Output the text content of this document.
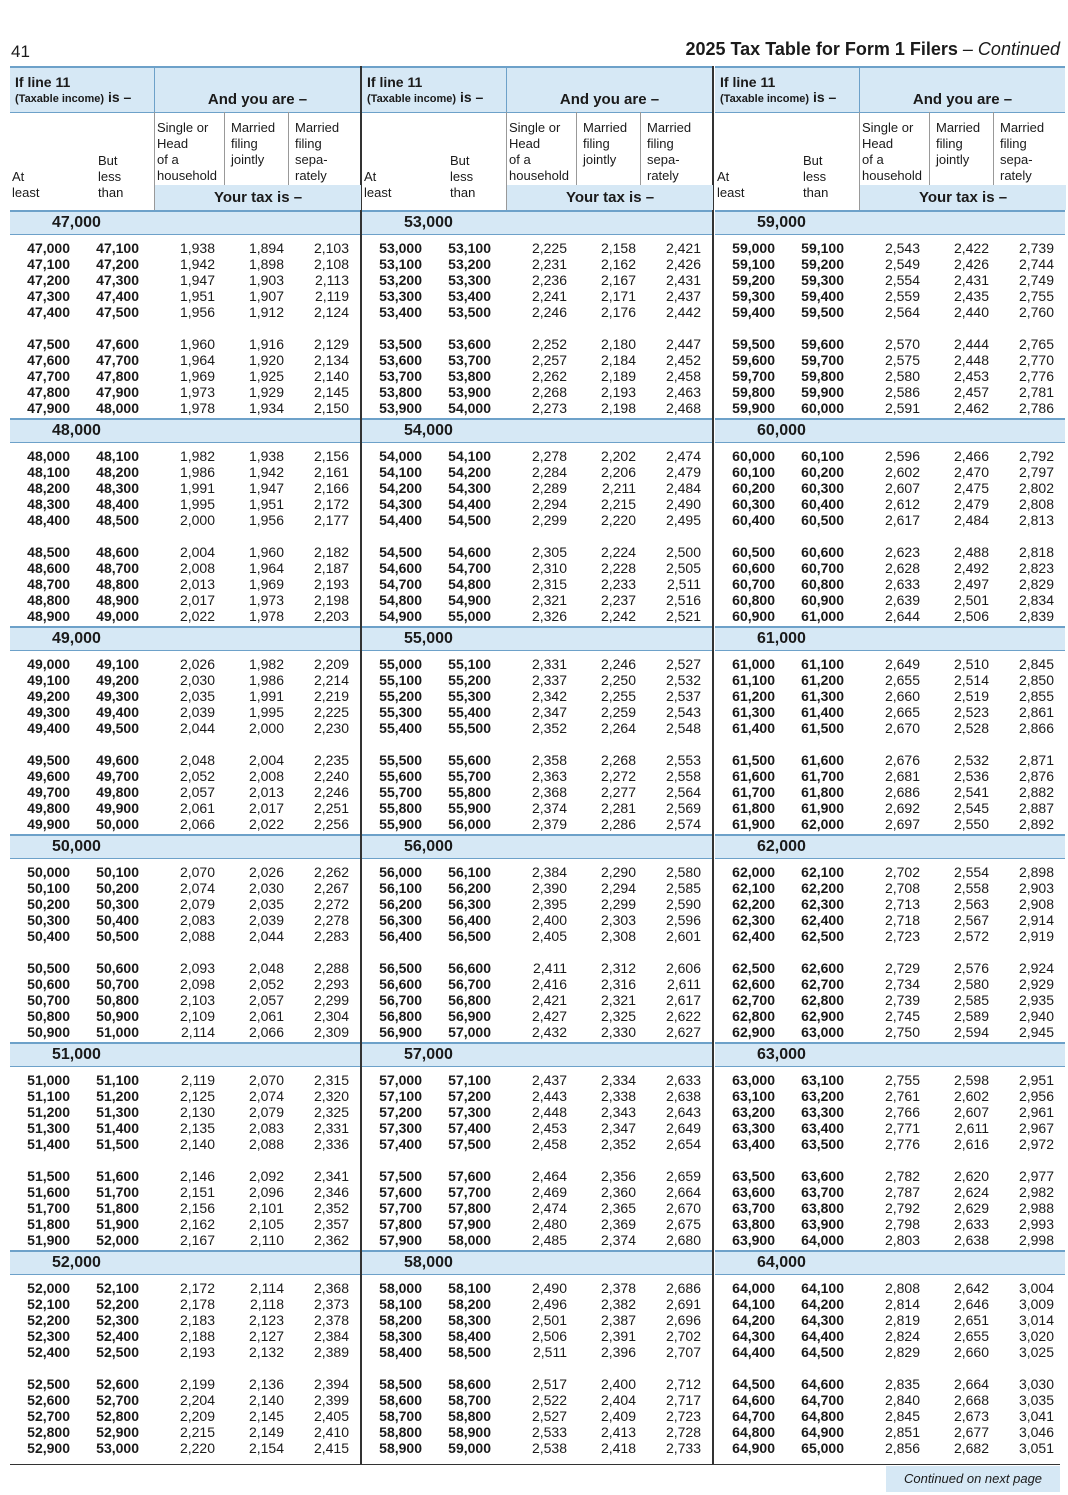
41	2025 Tax Table for Form 1 Filers – Continued
If line 11
(Taxable income) is –	And you are –
At
least
But
less
than
Single or
Head
of a
household
Married
filing
jointly
Married
filing
sepa-
rately
Your tax is –
47,000
47,000	47,100	1,938	1,894	2,103
47,100	47,200	1,942	1,898	2,108
47,200	47,300	1,947	1,903	2,113
47,300	47,400	1,951	1,907	2,119
47,400	47,500	1,956	1,912	2,124
47,500	47,600	1,960	1,916	2,129
47,600	47,700	1,964	1,920	2,134
47,700	47,800	1,969	1,925	2,140
47,800	47,900	1,973	1,929	2,145
47,900	48,000	1,978	1,934	2,150
48,000
48,000	48,100	1,982	1,938	2,156
48,100	48,200	1,986	1,942	2,161
48,200	48,300	1,991	1,947	2,166
48,300	48,400	1,995	1,951	2,172
48,400	48,500	2,000	1,956	2,177
48,500	48,600	2,004	1,960	2,182
48,600	48,700	2,008	1,964	2,187
48,700	48,800	2,013	1,969	2,193
48,800	48,900	2,017	1,973	2,198
48,900	49,000	2,022	1,978	2,203
49,000
49,000	49,100	2,026	1,982	2,209
49,100	49,200	2,030	1,986	2,214
49,200	49,300	2,035	1,991	2,219
49,300	49,400	2,039	1,995	2,225
49,400	49,500	2,044	2,000	2,230
49,500	49,600	2,048	2,004	2,235
49,600	49,700	2,052	2,008	2,240
49,700	49,800	2,057	2,013	2,246
49,800	49,900	2,061	2,017	2,251
49,900	50,000	2,066	2,022	2,256
50,000
50,000	50,100	2,070	2,026	2,262
50,100	50,200	2,074	2,030	2,267
50,200	50,300	2,079	2,035	2,272
50,300	50,400	2,083	2,039	2,278
50,400	50,500	2,088	2,044	2,283
50,500	50,600	2,093	2,048	2,288
50,600	50,700	2,098	2,052	2,293
50,700	50,800	2,103	2,057	2,299
50,800	50,900	2,109	2,061	2,304
50,900	51,000	2,114	2,066	2,309
51,000
51,000	51,100	2,119	2,070	2,315
51,100	51,200	2,125	2,074	2,320
51,200	51,300	2,130	2,079	2,325
51,300	51,400	2,135	2,083	2,331
51,400	51,500	2,140	2,088	2,336
51,500	51,600	2,146	2,092	2,341
51,600	51,700	2,151	2,096	2,346
51,700	51,800	2,156	2,101	2,352
51,800	51,900	2,162	2,105	2,357
51,900	52,000	2,167	2,110	2,362
52,000
52,000	52,100	2,172	2,114	2,368
52,100	52,200	2,178	2,118	2,373
52,200	52,300	2,183	2,123	2,378
52,300	52,400	2,188	2,127	2,384
52,400	52,500	2,193	2,132	2,389
52,500	52,600	2,199	2,136	2,394
52,600	52,700	2,204	2,140	2,399
52,700	52,800	2,209	2,145	2,405
52,800	52,900	2,215	2,149	2,410
52,900	53,000	2,220	2,154	2,415
If line 11
(Taxable income) is –	And you are –
At
least
But
less
than
Single or
Head
of a
household
Married
filing
jointly
Married
filing
sepa-
rately
Your tax is –
53,000
53,000	53,100	2,225	2,158	2,421
53,100	53,200	2,231	2,162	2,426
53,200	53,300	2,236	2,167	2,431
53,300	53,400	2,241	2,171	2,437
53,400	53,500	2,246	2,176	2,442
53,500	53,600	2,252	2,180	2,447
53,600	53,700	2,257	2,184	2,452
53,700	53,800	2,262	2,189	2,458
53,800	53,900	2,268	2,193	2,463
53,900	54,000	2,273	2,198	2,468
54,000
54,000	54,100	2,278	2,202	2,474
54,100	54,200	2,284	2,206	2,479
54,200	54,300	2,289	2,211	2,484
54,300	54,400	2,294	2,215	2,490
54,400	54,500	2,299	2,220	2,495
54,500	54,600	2,305	2,224	2,500
54,600	54,700	2,310	2,228	2,505
54,700	54,800	2,315	2,233	2,511
54,800	54,900	2,321	2,237	2,516
54,900	55,000	2,326	2,242	2,521
55,000
55,000	55,100	2,331	2,246	2,527
55,100	55,200	2,337	2,250	2,532
55,200	55,300	2,342	2,255	2,537
55,300	55,400	2,347	2,259	2,543
55,400	55,500	2,352	2,264	2,548
55,500	55,600	2,358	2,268	2,553
55,600	55,700	2,363	2,272	2,558
55,700	55,800	2,368	2,277	2,564
55,800	55,900	2,374	2,281	2,569
55,900	56,000	2,379	2,286	2,574
56,000
56,000	56,100	2,384	2,290	2,580
56,100	56,200	2,390	2,294	2,585
56,200	56,300	2,395	2,299	2,590
56,300	56,400	2,400	2,303	2,596
56,400	56,500	2,405	2,308	2,601
56,500	56,600	2,411	2,312	2,606
56,600	56,700	2,416	2,316	2,611
56,700	56,800	2,421	2,321	2,617
56,800	56,900	2,427	2,325	2,622
56,900	57,000	2,432	2,330	2,627
57,000
57,000	57,100	2,437	2,334	2,633
57,100	57,200	2,443	2,338	2,638
57,200	57,300	2,448	2,343	2,643
57,300	57,400	2,453	2,347	2,649
57,400	57,500	2,458	2,352	2,654
57,500	57,600	2,464	2,356	2,659
57,600	57,700	2,469	2,360	2,664
57,700	57,800	2,474	2,365	2,670
57,800	57,900	2,480	2,369	2,675
57,900	58,000	2,485	2,374	2,680
58,000
58,000	58,100	2,490	2,378	2,686
58,100	58,200	2,496	2,382	2,691
58,200	58,300	2,501	2,387	2,696
58,300	58,400	2,506	2,391	2,702
58,400	58,500	2,511	2,396	2,707
58,500	58,600	2,517	2,400	2,712
58,600	58,700	2,522	2,404	2,717
58,700	58,800	2,527	2,409	2,723
58,800	58,900	2,533	2,413	2,728
58,900	59,000	2,538	2,418	2,733
If line 11
(Taxable income) is –	And you are –
At
least
But
less
than
Single or
Head
of a
household
Married
filing
jointly
Married
filing
sepa-
rately
Your tax is –
59,000
59,000	59,100	2,543	2,422	2,739
59,100	59,200	2,549	2,426	2,744
59,200	59,300	2,554	2,431	2,749
59,300	59,400	2,559	2,435	2,755
59,400	59,500	2,564	2,440	2,760
59,500	59,600	2,570	2,444	2,765
59,600	59,700	2,575	2,448	2,770
59,700	59,800	2,580	2,453	2,776
59,800	59,900	2,586	2,457	2,781
59,900	60,000	2,591	2,462	2,786
60,000
60,000	60,100	2,596	2,466	2,792
60,100	60,200	2,602	2,470	2,797
60,200	60,300	2,607	2,475	2,802
60,300	60,400	2,612	2,479	2,808
60,400	60,500	2,617	2,484	2,813
60,500	60,600	2,623	2,488	2,818
60,600	60,700	2,628	2,492	2,823
60,700	60,800	2,633	2,497	2,829
60,800	60,900	2,639	2,501	2,834
60,900	61,000	2,644	2,506	2,839
61,000
61,000	61,100	2,649	2,510	2,845
61,100	61,200	2,655	2,514	2,850
61,200	61,300	2,660	2,519	2,855
61,300	61,400	2,665	2,523	2,861
61,400	61,500	2,670	2,528	2,866
61,500	61,600	2,676	2,532	2,871
61,600	61,700	2,681	2,536	2,876
61,700	61,800	2,686	2,541	2,882
61,800	61,900	2,692	2,545	2,887
61,900	62,000	2,697	2,550	2,892
62,000
62,000	62,100	2,702	2,554	2,898
62,100	62,200	2,708	2,558	2,903
62,200	62,300	2,713	2,563	2,908
62,300	62,400	2,718	2,567	2,914
62,400	62,500	2,723	2,572	2,919
62,500	62,600	2,729	2,576	2,924
62,600	62,700	2,734	2,580	2,929
62,700	62,800	2,739	2,585	2,935
62,800	62,900	2,745	2,589	2,940
62,900	63,000	2,750	2,594	2,945
63,000
63,000	63,100	2,755	2,598	2,951
63,100	63,200	2,761	2,602	2,956
63,200	63,300	2,766	2,607	2,961
63,300	63,400	2,771	2,611	2,967
63,400	63,500	2,776	2,616	2,972
63,500	63,600	2,782	2,620	2,977
63,600	63,700	2,787	2,624	2,982
63,700	63,800	2,792	2,629	2,988
63,800	63,900	2,798	2,633	2,993
63,900	64,000	2,803	2,638	2,998
64,000
64,000	64,100	2,808	2,642	3,004
64,100	64,200	2,814	2,646	3,009
64,200	64,300	2,819	2,651	3,014
64,300	64,400	2,824	2,655	3,020
64,400	64,500	2,829	2,660	3,025
64,500	64,600	2,835	2,664	3,030
64,600	64,700	2,840	2,668	3,035
64,700	64,800	2,845	2,673	3,041
64,800	64,900	2,851	2,677	3,046
64,900	65,000	2,856	2,682	3,051
Continued on next page
